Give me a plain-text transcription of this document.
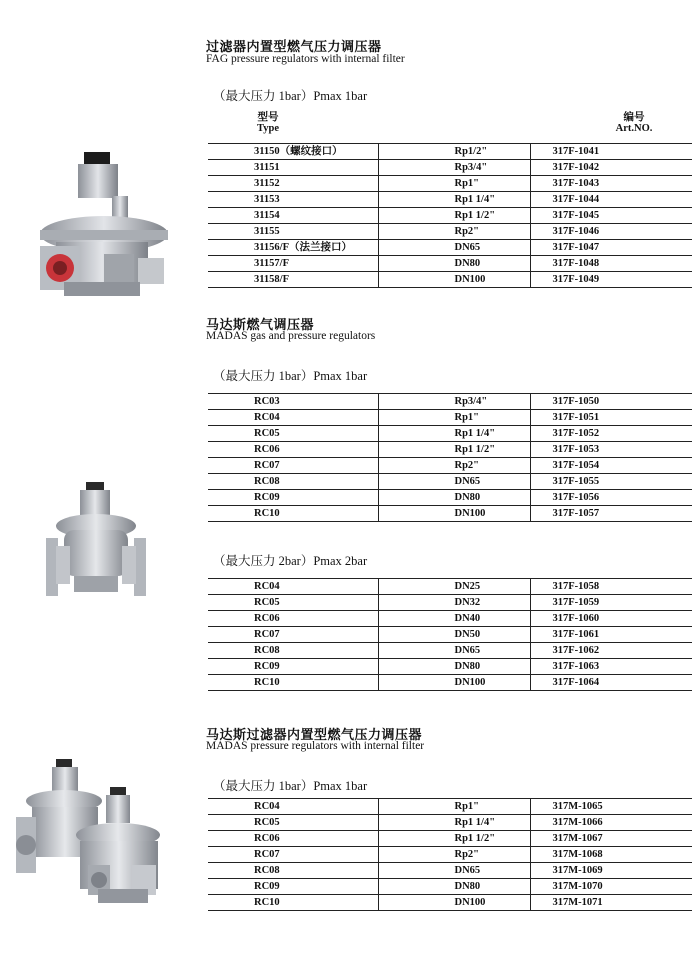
过滤器内置型燃气压力调压器
FAG pressure regulators with internal filter
（最大压力 1bar）Pmax 1bar
型号
Type
编号
Art.NO.
31150（螺纹接口）	Rp1/2"	317F-1041
31151	Rp3/4"	317F-1042
31152	Rp1"	317F-1043
31153	Rp1 1/4"	317F-1044
31154	Rp1 1/2"	317F-1045
31155	Rp2"	317F-1046
31156/F（法兰接口）	DN65	317F-1047
31157/F	DN80	317F-1048
31158/F	DN100	317F-1049
马达斯燃气调压器
MADAS gas and pressure regulators
（最大压力 1bar）Pmax 1bar
RC03	Rp3/4"	317F-1050
RC04	Rp1"	317F-1051
RC05	Rp1 1/4"	317F-1052
RC06	Rp1 1/2"	317F-1053
RC07	Rp2"	317F-1054
RC08	DN65	317F-1055
RC09	DN80	317F-1056
RC10	DN100	317F-1057
（最大压力 2bar）Pmax 2bar
RC04	DN25	317F-1058
RC05	DN32	317F-1059
RC06	DN40	317F-1060
RC07	DN50	317F-1061
RC08	DN65	317F-1062
RC09	DN80	317F-1063
RC10	DN100	317F-1064
马达斯过滤器内置型燃气压力调压器
MADAS pressure regulators with internal filter
（最大压力 1bar）Pmax 1bar
RC04	Rp1"	317M-1065
RC05	Rp1 1/4"	317M-1066
RC06	Rp1 1/2"	317M-1067
RC07	Rp2"	317M-1068
RC08	DN65	317M-1069
RC09	DN80	317M-1070
RC10	DN100	317M-1071
